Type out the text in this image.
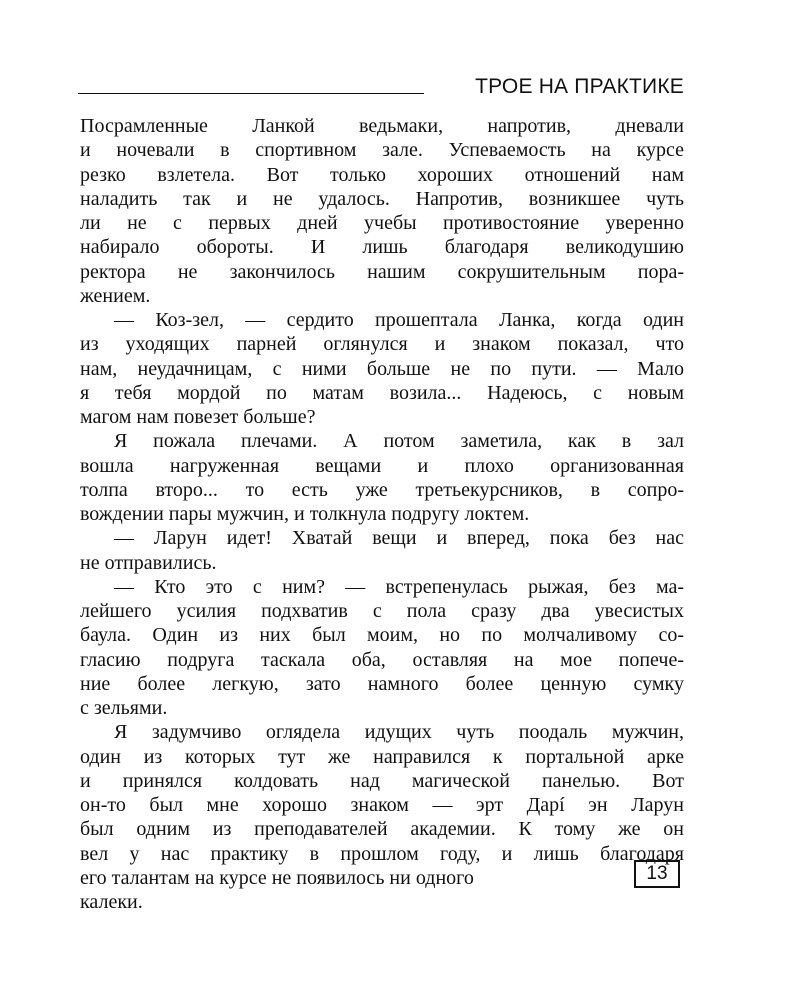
ТРОЕ НА ПРАКТИКЕ
Посрамленные Ланкой ведьмаки, напротив, дневали
и ночевали в спортивном зале. Успеваемость на курсе
резко взлетела. Вот только хороших отношений нам
наладить так и не удалось. Напротив, возникшее чуть
ли не с первых дней учебы противостояние уверенно
набирало обороты. И лишь благодаря великодушию
ректора не закончилось нашим сокрушительным пора-
жением.
— Коз-зел, — сердито прошептала Ланка, когда один
из уходящих парней оглянулся и знаком показал, что
нам, неудачницам, с ними больше не по пути. — Мало
я тебя мордой по матам возила... Надеюсь, с новым
магом нам повезет больше?
Я пожала плечами. А потом заметила, как в зал
вошла нагруженная вещами и плохо организованная
толпа второ... то есть уже третьекурсников, в сопро-
вождении пары мужчин, и толкнула подругу локтем.
— Ларун идет! Хватай вещи и вперед, пока без нас
не отправились.
— Кто это с ним? — встрепенулась рыжая, без ма-
лейшего усилия подхватив с пола сразу два увесистых
баула. Один из них был моим, но по молчаливому со-
гласию подруга таскала оба, оставляя на мое попече-
ние более легкую, зато намного более ценную сумку
с зельями.
Я задумчиво оглядела идущих чуть поодаль мужчин,
один из которых тут же направился к портальной арке
и принялся колдовать над магической панелью. Вот
он-то был мне хорошо знаком — эрт Дарí эн Ларун
был одним из преподавателей академии. К тому же он
вел у нас практику в прошлом году, и лишь благодаря
его талантам на курсе не появилось ни одного
калеки.
13
